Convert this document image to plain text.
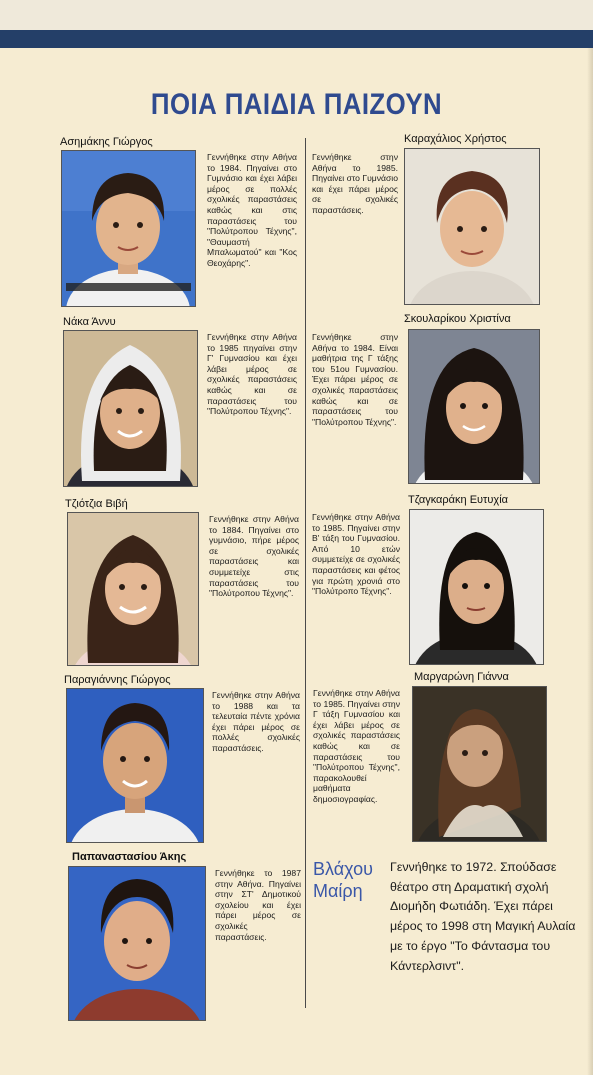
ΠΟΙΑ ΠΑΙΔΙΑ ΠΑΙΖΟΥΝ
Ασημάκης Γιώργος
Γεννήθηκε στην Αθήνα το 1984. Πηγαίνει στο Γυμνάσιο και έχει λάβει μέρος σε πολλές σχολικές παραστάσεις καθώς και στις παραστάσεις του "Πολύτροπου Τέχνης", "Θαυμαστή Μπαλωματού" και "Κος Θεοχάρης".
Νάκα Άννυ
Γεννήθηκε στην Αθήνα το 1985 πηγαίνει στην Γ' Γυμνασίου και έχει λάβει μέρος σε σχολικές παραστάσεις καθώς και σε παραστάσεις του "Πολύτροπου Τέχνης".
Τζιότζια Βιβή
Γεννήθηκε στην Αθήνα το 1884. Πηγαίνει στο γυμνάσιο, πήρε μέρος σε σχολικές παραστάσεις και συμμετείχε στις παραστάσεις του "Πολύτροπου Τέχνης".
Παραγιάννης Γιώργος
Γεννήθηκε στην Αθήνα το 1988 και τα τελευταία πέντε χρόνια έχει πάρει μέρος σε πολλές σχολικές παραστάσεις.
Παπαναστασίου Άκης
Γεννήθηκε το 1987 στην Αθήνα. Πηγαίνει στην ΣΤ' Δημοτικού σχολείου και έχει πάρει μέρος σε σχολικές παραστάσεις.
Καραχάλιος Χρήστος
Γεννήθηκε στην Αθήνα το 1985. Πηγαίνει στο Γυμνάσιο και έχει πάρει μέρος σε σχολικές παραστάσεις.
Σκουλαρίκου Χριστίνα
Γεννήθηκε στην Αθήνα το 1984. Είναι μαθήτρια της Γ τάξης του 51ου Γυμνασίου. Έχει πάρει μέρος σε σχολικές παραστάσεις καθώς και σε παραστάσεις του "Πολύτροπου Τέχνης".
Τζαγκαράκη Ευτυχία
Γεννήθηκε στην Αθήνα το 1985. Πηγαίνει στην Β' τάξη του Γυμνασίου. Από 10 ετών συμμετείχε σε σχολικές παραστάσεις και φέτος για πρώτη χρονιά στο "Πολύτροπο Τέχνης".
Μαργαρώνη Γιάννα
Γεννήθηκε στην Αθήνα το 1985. Πηγαίνει στην Γ τάξη Γυμνασίου και έχει λάβει μέρος σε σχολικές παραστάσεις καθώς και σε παραστάσεις του "Πολύτροπου Τέχνης", παρακολουθεί μαθήματα δημοσιογραφίας.
Βλάχου Μαίρη
Γεννήθηκε το 1972. Σπούδασε θέατρο στη Δραματική σχολή Διομήδη Φωτιάδη. Έχει πάρει μέρος το 1998 στη Μαγική Αυλαία με το έργο "Το Φάντασμα του Κάντερλσιντ".
